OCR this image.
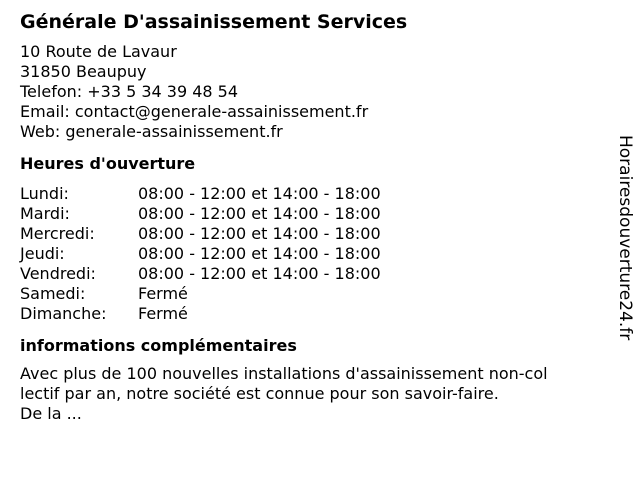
Générale D'assainissement Services
10 Route de Lavaur
31850 Beaupuy
Telefon: +33 5 34 39 48 54
Email: contact@generale-assainissement.fr
Web: generale-assainissement.fr
Heures d'ouverture
Lundi:	08:00 - 12:00 et 14:00 - 18:00
Mardi:	08:00 - 12:00 et 14:00 - 18:00
Mercredi:	08:00 - 12:00 et 14:00 - 18:00
Jeudi:	08:00 - 12:00 et 14:00 - 18:00
Vendredi:	08:00 - 12:00 et 14:00 - 18:00
Samedi:	Fermé
Dimanche:	Fermé
informations complémentaires
Avec plus de 100 nouvelles installations d'assainissement non-col
lectif par an, notre société est connue pour son savoir-faire.
De la ...
Horairesdouverture24.fr
